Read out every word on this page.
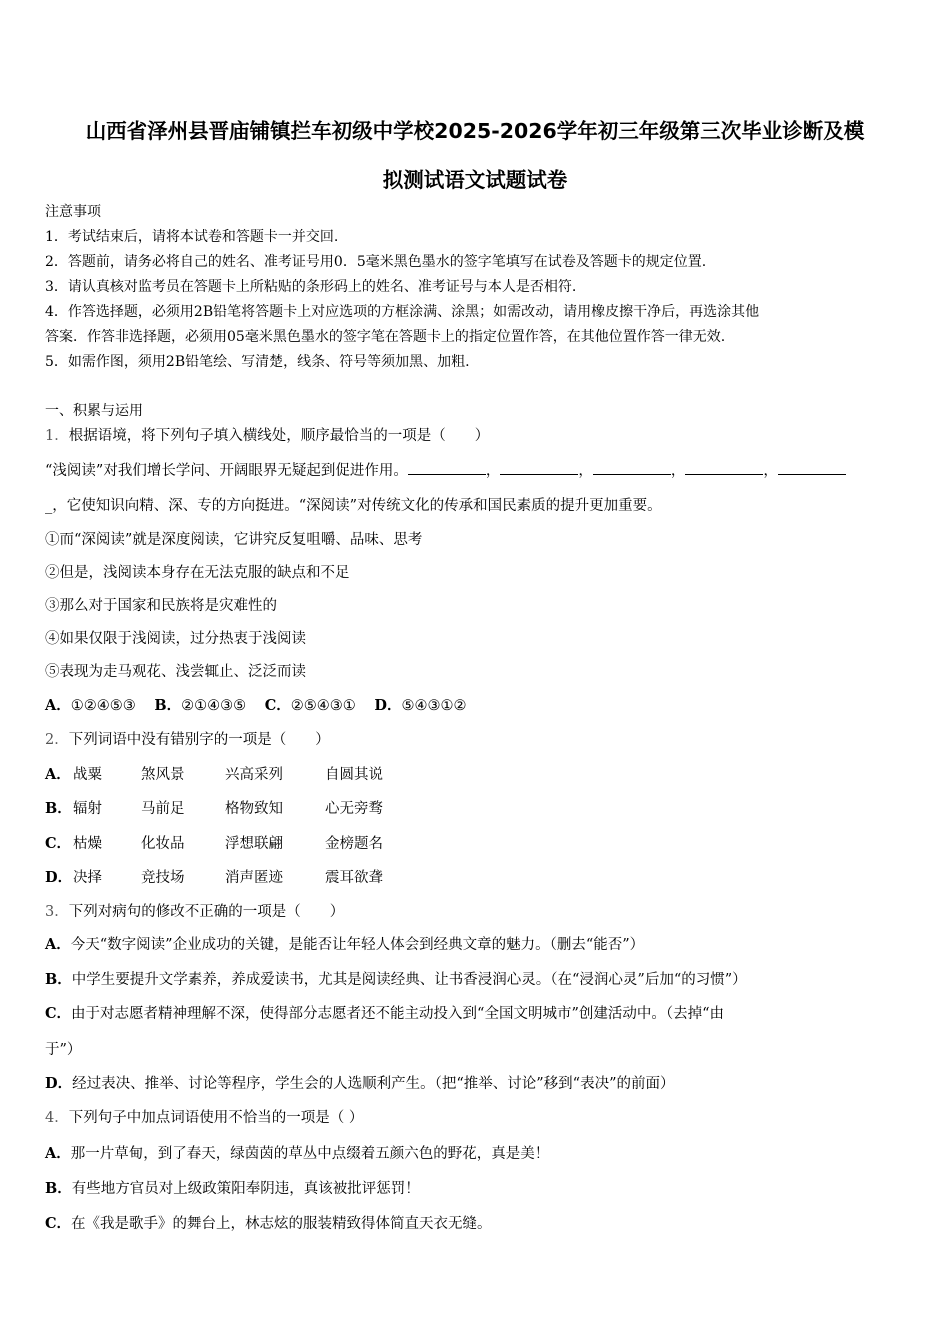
山西省泽州县晋庙铺镇拦车初级中学校2025-2026学年初三年级第三次毕业诊断及模
拟测试语文试题试卷
注意事项
1．考试结束后，请将本试卷和答题卡一并交回.
2．答题前，请务必将自己的姓名、准考证号用0．5毫米黑色墨水的签字笔填写在试卷及答题卡的规定位置.
3．请认真核对监考员在答题卡上所粘贴的条形码上的姓名、准考证号与本人是否相符.
4．作答选择题，必须用2B铅笔将答题卡上对应选项的方框涂满、涂黑；如需改动，请用橡皮擦干净后，再选涂其他
答案．作答非选择题，必须用05毫米黑色墨水的签字笔在答题卡上的指定位置作答，在其他位置作答一律无效.
5．如需作图，须用2B铅笔绘、写清楚，线条、符号等须加黑、加粗.
一、积累与运用
1．根据语境，将下列句子填入横线处，顺序最恰当的一项是（　　）
“浅阅读”对我们增长学问、开阔眼界无疑起到促进作用。	，	，	，	，
_，它使知识向精、深、专的方向挺进。“深阅读”对传统文化的传承和国民素质的提升更加重要。
①而“深阅读”就是深度阅读，它讲究反复咀嚼、品味、思考
②但是，浅阅读本身存在无法克服的缺点和不足
③那么对于国家和民族将是灾难性的
④如果仅限于浅阅读，过分热衷于浅阅读
⑤表现为走马观花、浅尝辄止、泛泛而读
A．①②④⑤③ B．②①④③⑤ C．②⑤④③① D．⑤④③①②
2．下列词语中没有错别字的一项是（　　）
A． 战粟	煞风景	兴高采列	自圆其说
B．辐射	马前足	格物致知	心无旁骛
C． 枯燥	化妆品	浮想联翩	金榜题名
D．决择	竞技场	消声匿迹	震耳欲聋
3．下列对病句的修改不正确的一项是（　　）
A．今天“数字阅读”企业成功的关键，是能否让年轻人体会到经典文章的魅力。（删去“能否”）
B．中学生要提升文学素养，养成爱读书，尤其是阅读经典、让书香浸润心灵。（在“浸润心灵”后加“的习惯”）
C．由于对志愿者精神理解不深，使得部分志愿者还不能主动投入到“全国文明城市”创建活动中。（去掉“由
于”）
D．经过表决、推举、讨论等程序，学生会的人选顺利产生。（把“推举、讨论”移到“表决”的前面）
4．下列句子中加点词语使用不恰当的一项是（ ）
A．那一片草甸，到了春天，绿茵茵的草丛中点缀着五颜六色的野花，真是美！
B．有些地方官员对上级政策阳奉阴违，真该被批评惩罚！
C．在《我是歌手》的舞台上，林志炫的服装精致得体简直天衣无缝。
